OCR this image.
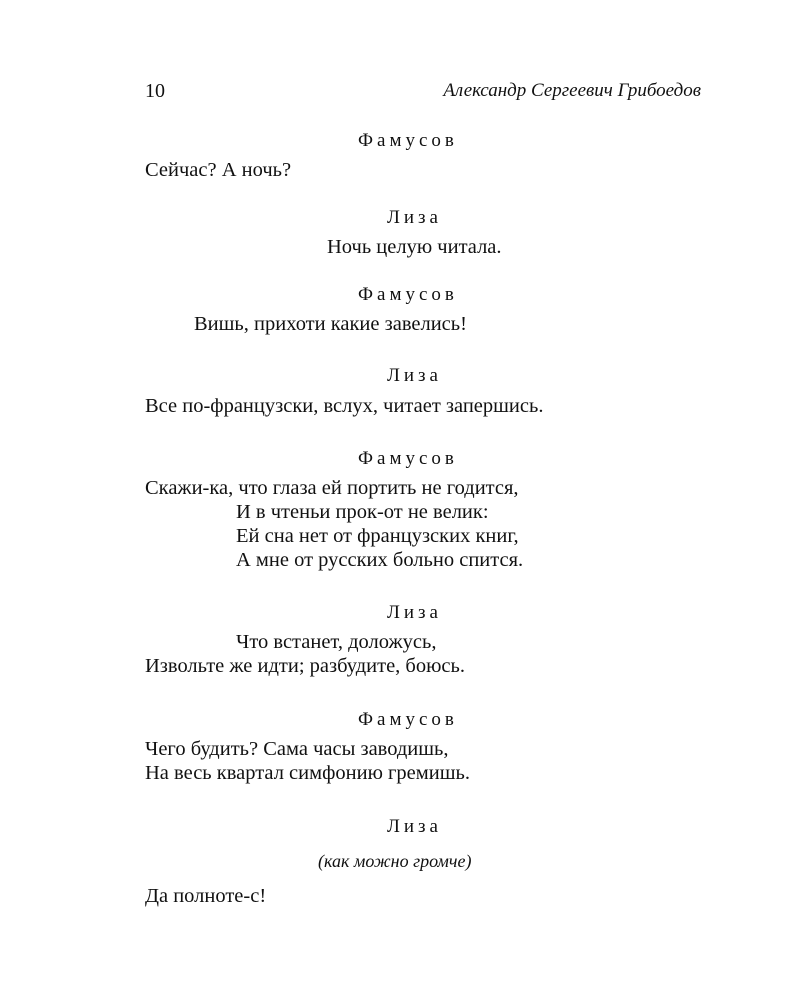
10	Александр Сергеевич Грибоедов
Фамусов
Сейчас? А ночь?
Лиза
Ночь целую читала.
Фамусов
Вишь, прихоти какие завелись!
Лиза
Все по-французски, вслух, читает запершись.
Фамусов
Скажи-ка, что глаза ей портить не годится,
И в чтеньи прок-от не велик:
Ей сна нет от французских книг,
А мне от русских больно спится.
Лиза
Что встанет, доложусь,
Извольте же идти; разбудите, боюсь.
Фамусов
Чего будить? Сама часы заводишь,
На весь квартал симфонию гремишь.
Лиза
(как можно громче)
Да полноте-с!
